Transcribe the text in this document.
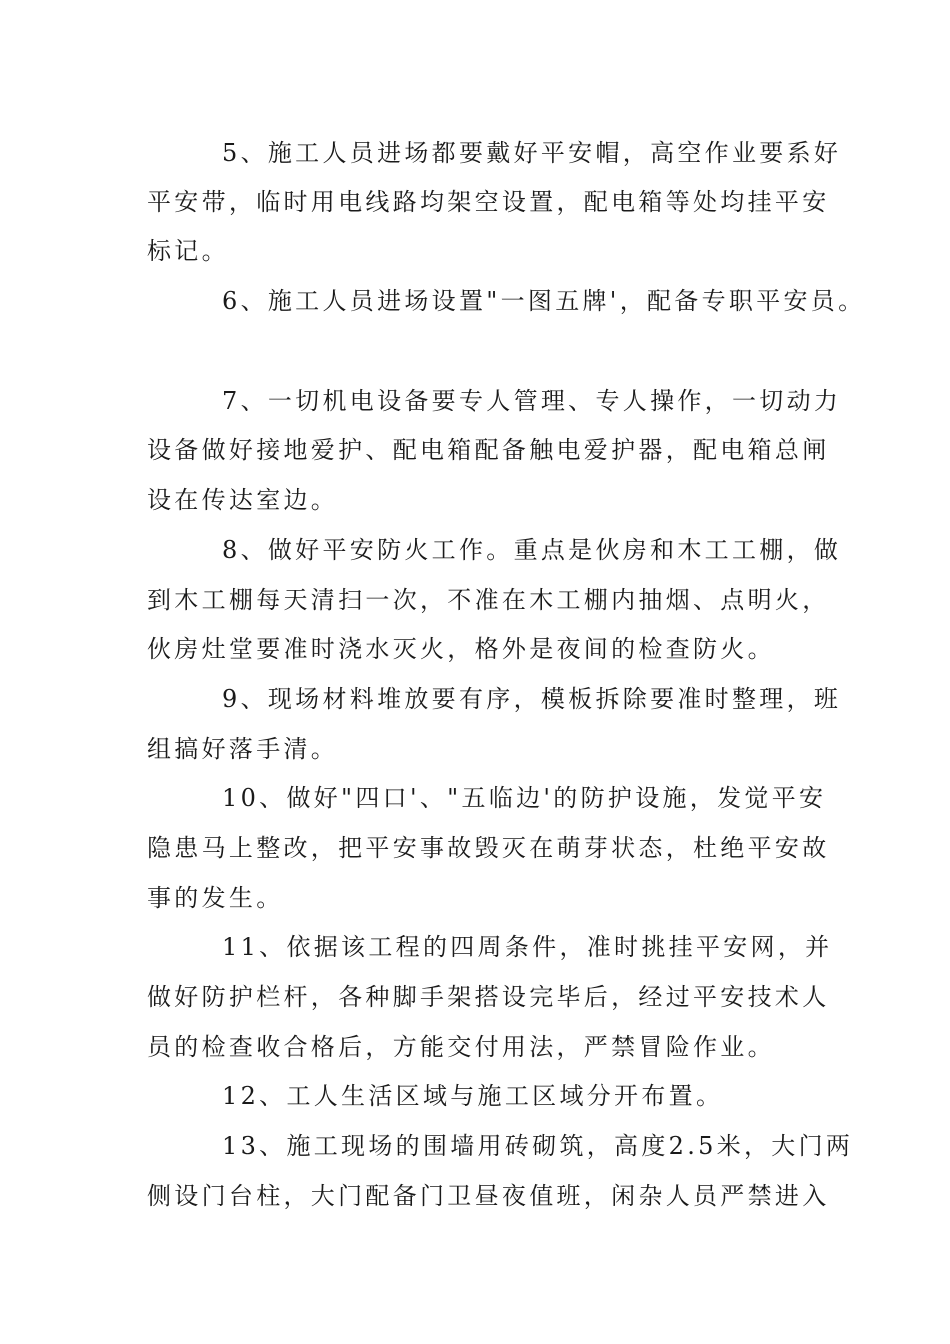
5、施工人员进场都要戴好平安帽，高空作业要系好
平安带，临时用电线路均架空设置，配电箱等处均挂平安
标记。
6、施工人员进场设置"一图五牌'，配备专职平安员。
7、一切机电设备要专人管理、专人操作，一切动力
设备做好接地爱护、配电箱配备触电爱护器，配电箱总闸
设在传达室边。
8、做好平安防火工作。重点是伙房和木工工棚，做
到木工棚每天清扫一次，不准在木工棚内抽烟、点明火，
伙房灶堂要准时浇水灭火，格外是夜间的检查防火。
9、现场材料堆放要有序，模板拆除要准时整理，班
组搞好落手清。
10、做好"四口'、"五临边'的防护设施，发觉平安
隐患马上整改，把平安事故毁灭在萌芽状态，杜绝平安故
事的发生。
11、依据该工程的四周条件，准时挑挂平安网，并
做好防护栏杆，各种脚手架搭设完毕后，经过平安技术人
员的检查收合格后，方能交付用法，严禁冒险作业。
12、工人生活区域与施工区域分开布置。
13、施工现场的围墙用砖砌筑，高度2.5米，大门两
侧设门台柱，大门配备门卫昼夜值班，闲杂人员严禁进入
